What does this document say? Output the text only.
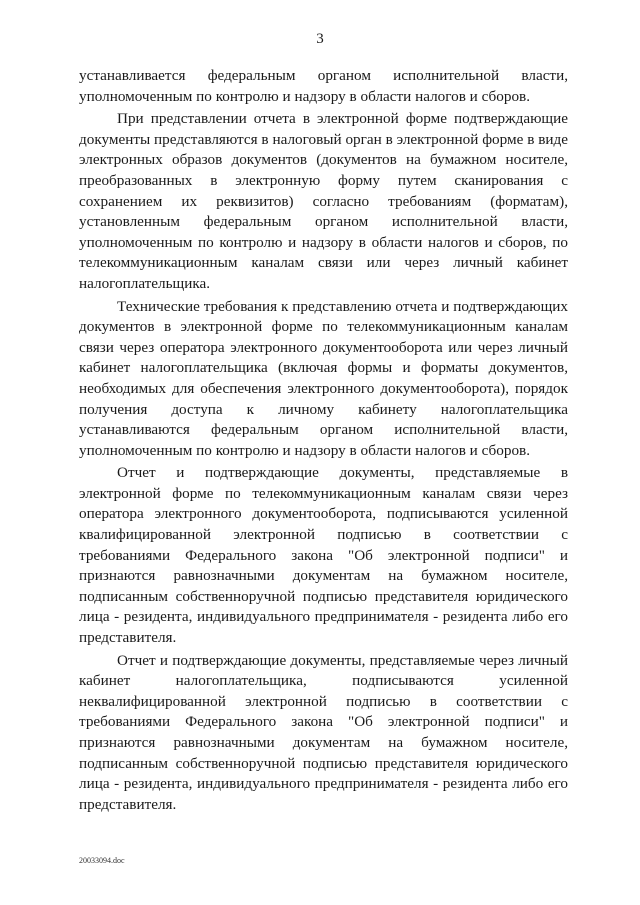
3

устанавливается федеральным органом исполнительной власти, уполномоченным по контролю и надзору в области налогов и сборов.

При представлении отчета в электронной форме подтверждающие документы представляются в налоговый орган в электронной форме в виде электронных образов документов (документов на бумажном носителе, преобразованных в электронную форму путем сканирования с сохранением их реквизитов) согласно требованиям (форматам), установленным федеральным органом исполнительной власти, уполномоченным по контролю и надзору в области налогов и сборов, по телекоммуникационным каналам связи или через личный кабинет налогоплательщика.

Технические требования к представлению отчета и подтверждающих документов в электронной форме по телекоммуникационным каналам связи через оператора электронного документооборота или через личный кабинет налогоплательщика (включая формы и форматы документов, необходимых для обеспечения электронного документооборота), порядок получения доступа к личному кабинету налогоплательщика устанавливаются федеральным органом исполнительной власти, уполномоченным по контролю и надзору в области налогов и сборов.

Отчет и подтверждающие документы, представляемые в электронной форме по телекоммуникационным каналам связи через оператора электронного документооборота, подписываются усиленной квалифицированной электронной подписью в соответствии с требованиями Федерального закона "Об электронной подписи" и признаются равнозначными документам на бумажном носителе, подписанным собственноручной подписью представителя юридического лица - резидента, индивидуального предпринимателя - резидента либо его представителя.

Отчет и подтверждающие документы, представляемые через личный кабинет налогоплательщика, подписываются усиленной неквалифицированной электронной подписью в соответствии с требованиями Федерального закона "Об электронной подписи" и признаются равнозначными документам на бумажном носителе, подписанным собственноручной подписью представителя юридического лица - резидента, индивидуального предпринимателя - резидента либо его представителя.

20033094.doc
